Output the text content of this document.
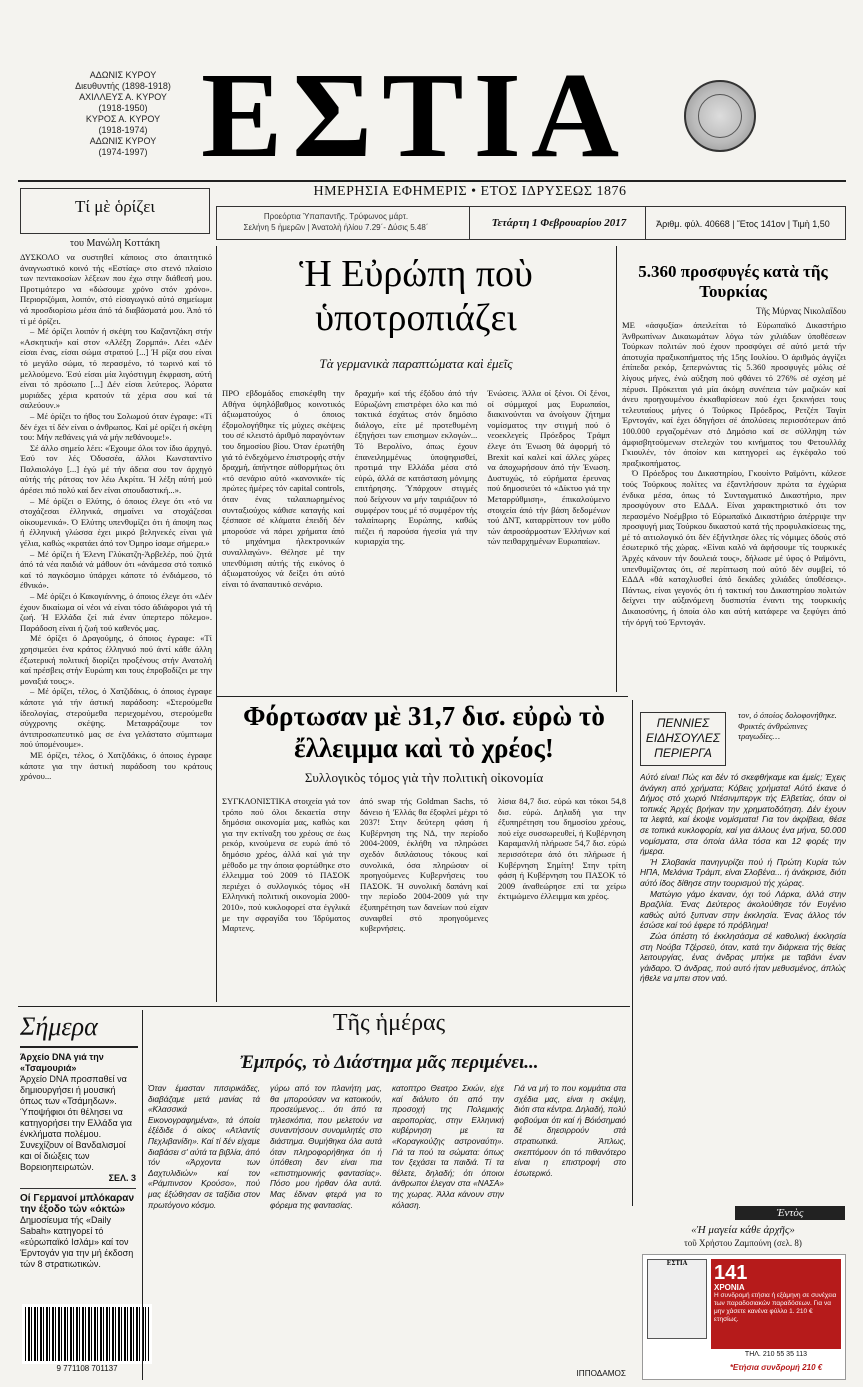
ΑΔΩΝΙΣ ΚΥΡΟΥ
Διευθυντής (1898-1918)
ΑΧΙΛΛΕΥΣ Α. ΚΥΡΟΥ
(1918-1950)
ΚΥΡΟΣ Α. ΚΥΡΟΥ
(1918-1974)
ΑΔΩΝΙΣ ΚΥΡΟΥ
(1974-1997) ΕΣΤΙΑ
ΗΜΕΡΗΣΙΑ ΕΦΗΜΕΡΙΣ • ΕΤΟΣ ΙΔΡΥΣΕΩΣ 1876
Προεόρτια Ὑπαπαντῆς. Τρύφωνος μάρτ.
Σελήνη 5 ἡμερῶν | Ἀνατολὴ ἡλίου 7.29΄- Δύσις 5.48΄	Τετάρτη 1 Φεβρουαρίου 2017	Ἀριθμ. φύλ. 40668 | Ἔτος 141ον | Τιμὴ 1,50
Τί μὲ ὁρίζει
του Μανώλη Κοττάκη

ΔΥΣΚΟΛΟ να συστηθεί κάποιος στο άπαιτητικό άναγνωστικό κοινό τής «Εστίας» στο στενό πλαίσιο των πεντακοσίων λέξεων που έχω στην διάθεσή μου. Προτιμότερο να «δώσουμε χρόνο στόν χρόνο». Περιοριζόμαι, λοιπόν, στό είσαγωγικό αύτό σημείωμα νά προσδιορίσω μέσα άπό τά διαβάσματά μου. Άπό τό τί μέ όρίζει.

– Μέ όρίζει λοιπόν ή σκέψη του Καζαντζάκη στήν «Ασκητική» καί στον «Αλέξη Ζορμπά». Λέει «Δέν είσαι ένας, είσαι σώμα στρατού [...] Ή ρίζα σου είναι τό μεγάλο σώμα, τό περασμένο, τό τωρινό καί τό μελλούμενο. Έσύ είσαι μία λιγόστιγμη έκφραση, αύτή είναι τό πρόσωπο [...] Δέν είσαι λεύτερος. Άόρατα μυριάδες χέρια κρατούν τά χέρια σου καί τά σαλεύουν.»

– Μέ όρίζει το ήθος του Σολωμού όταν έγραφε: «Τί δέν έχει τί δέν είναι ο άνθρωπος. Καί μέ ορίζει ή σκέψη του: Μήν πεθάνεις γιά νά μήν πεθάνουμε!».

Σέ άλλο σημείο λέει: «Έχουμε όλοι τον ίδιο άρχηγό. Έσύ τον λές Όδυσσέα, άλλοι Κωνσταντίνο Παλαιολόγο [...] έγώ μέ τήν άδεια σου τον άρχηγό αύτής τής ράτσας τον λέω Ακρίτα. Ή λέξη αύτή μού άρέσει πιό πολύ καί δεν είναι σπουδαστική...».

– Μέ όρίζει ο Ελύτης, ό όποιος έλεγε ότι «τό να στοχάζεσαι έλληνικά, σημαίνει να στοχάζεσαι οίκουμενικά». Ό Ελύτης υπενθυμίζει ότι ή άποψη πως ή έλληνική γλώσσα έχει μικρό βεληνεκές είναι γιά γέλια, καθώς «κρατάει άπό τον Όμηρο ίσαμε σήμερα.»

– Μέ όρίζει ή Έλενη Γλύκατζη-Άρβελέρ, πού ζητά άπό τά νέα παιδιά νά μάθουν ότι «άνάμεσα στό τοπικό καί τό παγκόσμιο ύπάρχει κάποτε τό ένδιάμεσο, τό έθνικό».

– Μέ όρίζει ό Κακογιάννης, ό όποιος έλεγε ότι «Δέν έχουν δικαίωμα οί νέοι νά είναι τόσο άδιάφοροι γιά τή ζωή. Ή Ελλάδα ζεί πιά έναν ύπερτερο πόλεμο». Παράδοση είναι ή ζωή τού καθενός μας.

Μέ όρίζει ό Δραγούμης, ό όποιος έγραφε: «Τί χρησιμεύει ένα κράτος έλληνικό πού άντί κάθε άλλη έξωτερική πολιτική διορίζει προξένους στήν Ανατολή καί πρέσβεις στήν Ευρώπη και τους έπροβοδίζει με την μοναξιά τους;».

– Μέ όρίζει, τέλος, ό Χατζιδάκις, ό όποιος έγραφε κάποτε γιά τήν άστική παράδοση: «Στερούμεθα ίδεολογίας, στερούμεθα περιεχομένου, στερούμεθα σύγχρονης σκέψης. Μεταφράζουμε τον άντιπροσωπευτικό μας σε ένα γελάστατο σύμπτωμα πού ύπομένουμε».

ΜΕ όρίζει, τέλος, ό Χατζιδάκις, ό όποιος έγραφε κάποτε για την άστική παράδοση του κράτους χρόνου...

Ἡ Εὐρώπη ποὺ ὑποτροπιάζει
Τὰ γερμανικὰ παραπτώματα καὶ ἐμεῖς
ΠΡΟ εβδομάδος επισκέφθη την Αθήνα ύψηλόβαθμος κοινοτικός άξιωματούχος ό όποιος έξομολογήθηκε τίς μύχιες σκέψεις του σέ κλειστό άριθμό παραγόντων του δημοσίου βίου. Όταν έρωτήθη γιά τό ένδεχόμενο έπιστροφής στήν δραχμή, άπήντησε αύθορμήτως ότι «τό σενάριο αύτό «κανονικά» τίς πρώτες ήμέρες τόν capital controls, όταν ένας ταλαιπωρημένος συνταξιούχος κάθισε καταγής καί ξέσπασε σέ κλάματα έπειδή δέν μπορούσε νά πάρει χρήματα άπό τό μηχάνημα ήλεκτρονικών συναλλαγών». Θέλησε μέ την υπενθύμιση αύτής τής εικόνος ό άξιωματούχος νά δείξει ότι αύτό είναι τό άναπαυτικό σενάριο.
δραχμή» καί τής έξόδου άπό τήν Εύρωζώνη επιστρέφει όλο και πιό τακτικά έσχάτως στόν δημόσιο διάλογο, είτε μέ προτεθυμένη έξηγήσει των επισημων εκλογών... Τό Βερολίνο, όπως έχουν έπανειλημμένως ύποψηφισθεί, προτιμά την Ελλάδα μέσα στό εύρώ, άλλά σε κατάσταση μόνιμης επιτήρησης. Ύπάρχουν στιγμές πού δείχνουν να μήν ταιριάζουν τό συμφέρον τους μέ τό συμφέρον τής ταλαίπωρης Ευρώπης, καθώς πιέζει ή παρούσα ήγεσία γιά την κυριαρχία της.
Ένώσεις. Άλλα οί ξένοι. Οί ξένοι, οί σύμμαχοί μας Ευρωπαίοι, διακινούνται να άνοίγουν ζήτημα νομίσματος την στιγμή πού ό νεοεκλεγείς Πρόεδρος Τράμπ έλεγε ότι Ένωση θά άφορμή τό Brexit καί καλεί καί άλλες χώρες να άποχωρήσουν άπό τήν Ένωση. Δυστυχώς, τό εύρήματα έρευνας πού δημοσιεύει τό «Δίκτυο γιά την Μεταρρύθμιση», έπικαλούμενο στοιχεία άπό τήν βάση δεδομένων τού ΔΝΤ, καταρρίπτουν τον μύθο τών άπροσάρμοστων Έλλήνων καί τών πειθαρχημένων Ευρωπαίων.
5.360 προσφυγές κατὰ τῆς Τουρκίας
Τῆς Μύρνας Νικολαΐδου

ΜΕ «άσφυξία» άπειλείται τό Εύρωπαϊκό Δικαστήριο Άνθρωπίνων Δικαιωμάτων λόγω τών χιλιάδων ύποθέσεων Τούρκων πολιτών πού έχουν προσφύγει σέ αύτό μετά τήν άποτυχία πραξικοπήματος τής 15ης Ιουλίου. Ό άριθμός άγγίζει έπίπεδα ρεκόρ, ξεπερνώντας τίς 5.360 προσφυγές μόλις σέ λίγους μήνες, ένώ αύξηση πού φθάνει τό 276% σέ σχέση μέ πέρυσι. Πρόκειται γιά μία άκόμη συνέπεια τών μαζικών καί άνευ προηγουμένου έκκαθαρίσεων πού έχει ξεκινήσει τους τελευταίους μήνες ό Τούρκος Πρόεδρος, Ρετζέπ Ταγίπ Έρντογάν, καί έχει όδηγήσει σέ άπολύσεις περισσότερων άπό 100.000 εργαζομένων στό Δημόσιο καί σε σύλληψη τών άμφισβητούμενων στελεχών του κινήματος του Φετουλλάχ Γκιουλέν, τόν όποίον και κατηγορεί ως έγκέφαλο τού πραξικοπήματος.

Ό Πρόεδρος του Δικαστηρίου, Γκουίντο Ραϊμόντι, κάλεσε τούς Τούρκους πολίτες να έξαντλήσουν πρώτα τα έγχώρια ένδικα μέσα, όπως τό Συνταγματικό Δικαστήριο, πριν προσφύγουν στο ΕΔΔΑ. Είναι χαρακτηριστικό ότι τον περασμένο Νοέμβριο τό Εύρωπαϊκό Δικαστήριο άπέρριψε την προσφυγή μιας Τούρκου δικαστού κατά τής προφυλακίσεως της, μέ τό αιτιολογικό ότι δέν έξήντλησε όλες τίς νόμιμες όδούς στό έσωτερικό τής χώρας. «Είναι καλό νά άφήσουμε τίς τουρκικές Άρχές κάνουν τήν δουλειά τους», δήλωσε μέ ύφος ό Ραϊμόντι, υπενθυμίζοντας ότι, σέ περίπτωση πού αύτό δέν συμβεί, τό ΕΔΔΑ «θά καταχλυσθεί άπό δεκάδες χιλιάδες ύποθέσεις». Πάντως, είναι γεγονός ότι ή τακτική του Δικαστηρίου πολιτών δείχνει την αύξανόμενη δυσπιστία έναντι της τουρκικής Δικαιοσύνης, ή όποία όλο και αύτή κατάφερε να ξεφύγει άπό τήν όργή τού Έρντογάν.

Φόρτωσαν μὲ 31,7 δισ. εὐρὼ τὸ ἔλλειμμα καὶ τὸ χρέος!
Συλλογικὸς τόμος γιὰ τὴν πολιτικὴ οἰκονομία
ΣΥΓΚΛΟΝΙΣΤΙΚΑ στοιχεία γιά τον τρόπο πού όλοι δεκαετία στην δημόσια οικονομία μας, καθώς και για την εκτίναξη του χρέους σε έως ρεκόρ, κινούμενα σε ευρώ άπό τό δημόσιο χρέος, άλλά καί γιά την μέθοδο με την όποια φορτώθηκε στο έλλειμμα τού 2009 τό ΠΑΣΟΚ περιέχει ό συλλογικός τόμος «Η Ελληνική πολιτική οικονομία 2000-2010», πού κυκλοφορεί στα έγγλικά με την σφραγίδα του Ίδρύματος Μαρτενς.
άπό swap τής Goldman Sachs, τό δάνειο ή 'Ελλάς θα έξοφλεί μέχρι τό 2037! Στην δεύτερη φάση ή Κυβέρνηση της ΝΔ, την περίοδο 2004-2009, έκλήθη να πληρώσει σχεδόν διπλάσιους τόκους καί συνολικά, όσα πληρώσαν οί προηγούμενες Κυβερνήσεις του ΠΑΣΟΚ. Ή συνολική δαπάνη καί την περίοδο 2004-2009 γιά την έξυπηρέτηση των δανείων πού είχαν συναφθεί στό προηγούμενες κυβερνήσεις.
λίσια 84,7 δισ. εύρώ και τόκοι 54,8 δισ. εύρώ. Δηλαδή για την έξυπηρέτηση του δημοσίου χρέους, πού είχε συσσωρευθεί, ή Κυβέρνηση Καραμανλή πλήρωσε 54,7 δισ. εύρώ περισσότερα άπό ότι πλήρωσε ή Κυβέρνηση Σημίτη! Στην τρίτη φάση ή Κυβέρνηση του ΠΑΣΟΚ τό 2009 άναθεώρησε επί τα χείρω έκτιμώμενο έλλειμμα και χρέος.
ΠΕΝΝΙΕΣ ΕΙΔΗΣΟΥΛΕΣ ΠΕΡΙΕΡΓΑ
τον, ό όποίος δολοφονήθηκε. Φρικτές άνθρώπινες τραγωδίες…

Αύτό είναι! Πώς και δέν τό σκεφθήκαμε και έμείς; Έχεις άνάγκη από χρήματα; Κόβεις χρήματα! Αύτό έκανε ό Δήμος στό χωριό Ντέσινμπεργκ τής Ελβετίας, όταν οί τοπικές Άρχές βρήκαν την χρηματοδότηση. Δέν έχουν τα λεφτά, καί έκοψε νομίσματα! Για τον άκρίβεια, θέσε σε τοπικά κυκλοφορία, καί για άλλους ένα μήνα, 50.000 νομίσματα, στα όποία άλλα τόσα και 12 φορές την ήμερα.

Ή Σλοβακία πανηγυρίζει πού ή Πρώτη Κυρία τών ΗΠΑ, Μελάνια Τράμπ, είναι Σλοβένα... ή άνάκρισε, διότι αύτό ίδος δίθησε στην τουρισμού τής χώρας.

Ματώγιο γάμο έκαναν, όχι τού Λάρκα, άλλά στην Βραζιλία. Ένας Δεύτερος άκολούθησε τόν Ευγένιο καθώς αύτό ξυπναν στην έκκλησία. Ένας άλλος τόν έσώσε καί τού έφερε τό πρόβλημα!

Ζώα όπέστη τό έκκλησάσμα σέ καθολική έκκλησία στη Νούβα Τζέρσεϋ, όταν, κατά την διάρκεια τής θείας λειτουργίας, ένας άνδρας μπήκε με ταβάνι έναν γάιδαρο. Ό άνδρας, πού αυτό ήταν μεθυσμένος, άπλώς ήθελε να μπει στον ναό.

Σήμερα
Άρχείο DNA γιά την «Τσαμουριά»
Άρχείο DNA προσπαθεί να δημιουργήσει ή μουσική όπως των «Τσάμηδων». Ύποψήφιοι ότι θέλησει να κατηγορήσει την Ελλάδα για ένκλήματα πολέμου. Συνεχίζουν οί Βανδαλισμοί και οί διώξεις των Βορειοηπειρωτών.
ΣΕΛ. 3
Οί Γερμανοί μπλόκαραν την έξοδο τών «όκτώ»
Δημοσίευμα τής «Daily Sabah» κατηγορεί τό «εύρωπαϊκό Ισλάμ» καί τον Έρντογάν για την μή έκδοση τών 8 στρατιωτικών.
9 771108 701137
Τῆς ἡμέρας
Ἐμπρός, τὸ Διάστημα μᾶς περιμένει...
Όταν έμασταν πιτσιρικάδες, διαβάζαμε μετά μανίας τά «Κλασσικά Εικονογραφημένα», τά όποία έξέδιδε ό οίκος «Ατλαντίς Πεχλιβανίδη». Καί τί δέν είχαμε διαβάσει σ' αύτά τα βιβλία, άπό τόν «Άρχοντα των Δαχτυλιδιών» καί τον «Ράμπινσον Κρούσο», πού μας έξώθησαν σε ταξίδια στον πρωτόγονο κόσμο.
γύρω από τον πλανήτη μας, θα μπορούσαν να κατοικούν, προσεύμενος... ότι άπό τα τηλεσκόπια, που μελετούν να συναντήσουν συνομιλητές στο διάστημα. Θυμήθηκα όλα αυτά όταν πληροφορήθηκα ότι ή ύπόθεση δεν είναι πια «επιστημονικής φαντασίας». Πόσο μου ήρθαν όλα αυτά. Μας έδιναν φτερά για το φόρεμα της φαντασίας.
κατοπτρο Θεατρο Σκιών, είχε καί διάλυτο ότι από την προσοχή της Πολεμικής αεροπορίας, στην Ελληνική κυβέρνηση με τα «Κοραγκούζης αστροναύτη». Γιά τα πού τα σώματα: όπως τον ξεχάσει τα παιδιά. Τί τα θέλετε, δηλαδή; ότι όποιοι άνθρωποι έλεγαν στα «ΝΑΣΑ» της χωρας. Άλλα κάνουν στην κόλαση.
Γιά να μή το που κομμάτια στα σχέδια μας, είναι η σκέψη, διότι στα κέντρα. Δηλαδή, πολύ φοβούμαι ότι καί ή Βόιόσημαιό δέ δηεσιρρούν στά στρατιωτικά. Άπλως, σκεπτόμουν ότι τό πιθανότερο είναι η επιστροφή στο έσωτερικό.
ΙΠΠΟΔΑΜΟΣ
Ἐντὸς
«Ἡ μαγεία κάθε ἀρχῆς»
τοῦ Χρήστου Ζαμπούνη (σελ. 8)
ΕΣΤΙΑ	141
ΧΡΟΝΙΑ
Η συνδρομή ετήσια ή εξάμηνη σε συνέχεια των παραδοσιακών παραδόσεων. Για να μην χάσετε κανένα φύλλο 1. 210 € ετησίως.
ΤΗΛ. 210 55 35 113
*Ετήσια συνδρομή 210 €
